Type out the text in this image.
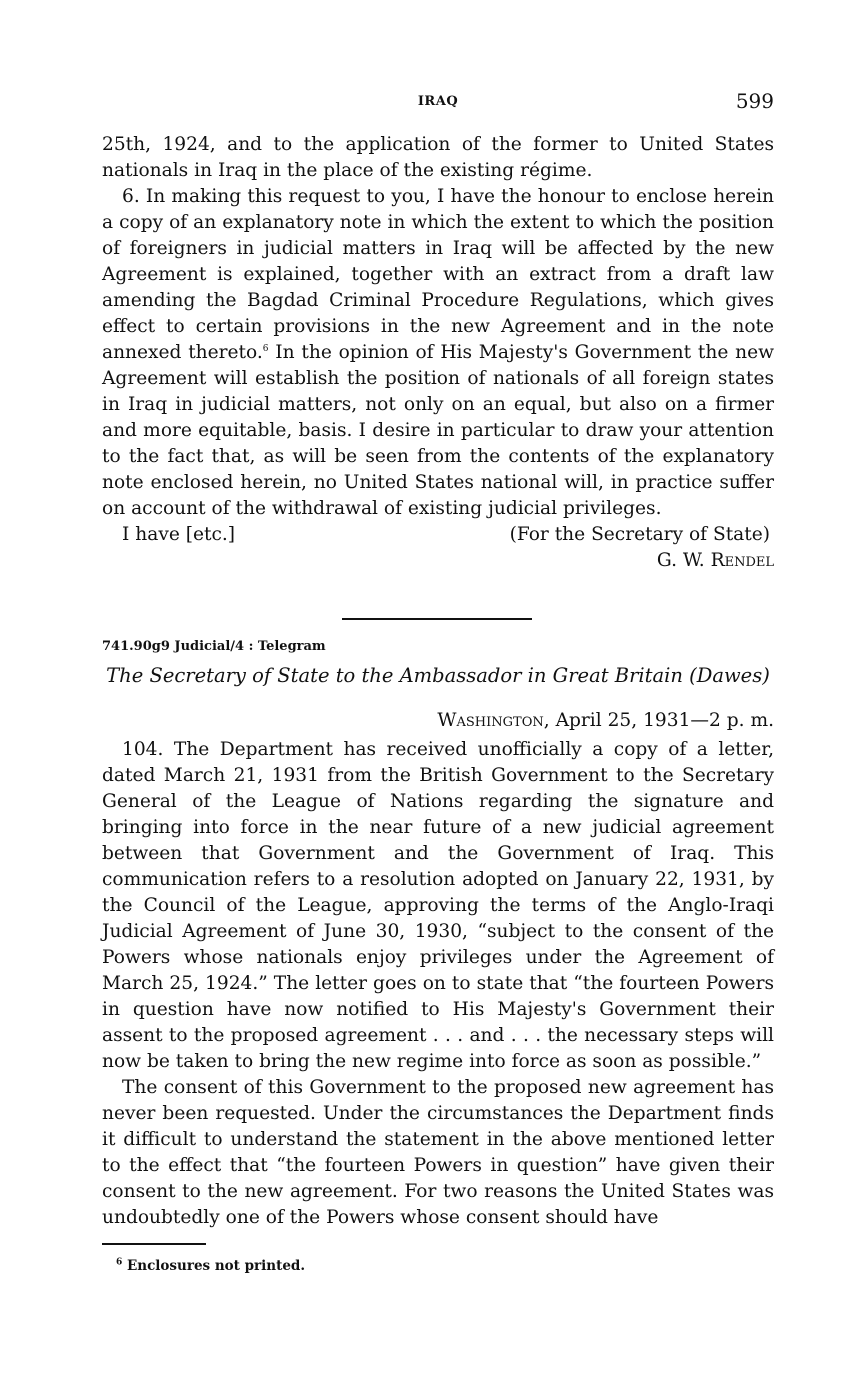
IRAQ	599

25th, 1924, and to the application of the former to United States nationals in Iraq in the place of the existing régime.

6. In making this request to you, I have the honour to enclose herein a copy of an explanatory note in which the extent to which the position of foreigners in judicial matters in Iraq will be affected by the new Agreement is explained, together with an extract from a draft law amending the Bagdad Criminal Procedure Regulations, which gives effect to certain provisions in the new Agreement and in the note annexed thereto.$^6$ In the opinion of His Majesty's Government the new Agreement will establish the position of nationals of all foreign states in Iraq in judicial matters, not only on an equal, but also on a firmer and more equitable, basis. I desire in particular to draw your attention to the fact that, as will be seen from the contents of the explanatory note enclosed herein, no United States national will, in practice suffer on account of the withdrawal of existing judicial privileges.

I have [etc.]	(For the Secretary of State)
G. W. Rendel
741.90g9 Judicial/4 : Telegram
The Secretary of State to the Ambassador in Great Britain (Dawes)
Washington, April 25, 1931—2 p. m.

104. The Department has received unofficially a copy of a letter, dated March 21, 1931 from the British Government to the Secretary General of the League of Nations regarding the signature and bringing into force in the near future of a new judicial agreement between that Government and the Government of Iraq. This communication refers to a resolution adopted on January 22, 1931, by the Council of the League, approving the terms of the Anglo-Iraqi Judicial Agreement of June 30, 1930, “subject to the consent of the Powers whose nationals enjoy privileges under the Agreement of March 25, 1924.” The letter goes on to state that “the fourteen Powers in question have now notified to His Majesty's Government their assent to the proposed agreement . . . and . . . the necessary steps will now be taken to bring the new regime into force as soon as possible.”

The consent of this Government to the proposed new agreement has never been requested. Under the circumstances the Department finds it difficult to understand the statement in the above mentioned letter to the effect that “the fourteen Powers in question” have given their consent to the new agreement. For two reasons the United States was undoubtedly one of the Powers whose consent should have

$^6$ Enclosures not printed.
